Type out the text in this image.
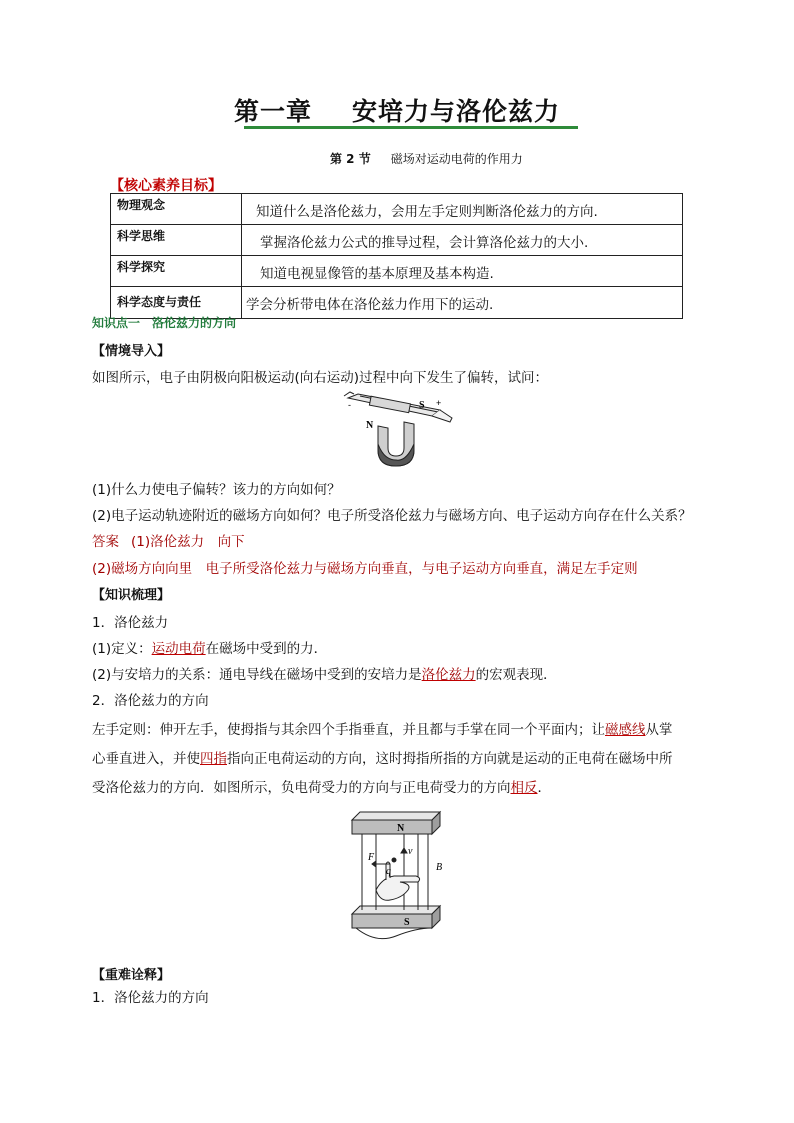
第一章 安培力与洛伦兹力
第 2 节 磁场对运动电荷的作用力
【核心素养目标】
物理观念	知道什么是洛伦兹力，会用左手定则判断洛伦兹力的方向.
科学思维	掌握洛伦兹力公式的推导过程，会计算洛伦兹力的大小.
科学探究	知道电视显像管的基本原理及基本构造.
科学态度与责任	学会分析带电体在洛伦兹力作用下的运动.
知识点一　洛伦兹力的方向
【情境导入】
如图所示，电子由阴极向阳极运动(向右运动)过程中向下发生了偏转，试问：
N
S
-	+
(1)什么力使电子偏转？该力的方向如何？
(2)电子运动轨迹附近的磁场方向如何？电子所受洛伦兹力与磁场方向、电子运动方向存在什么关系？
答案 (1)洛伦兹力　向下
(2)磁场方向向里　电子所受洛伦兹力与磁场方向垂直，与电子运动方向垂直，满足左手定则
【知识梳理】
1．洛伦兹力
(1)定义：运动电荷在磁场中受到的力．
(2)与安培力的关系：通电导线在磁场中受到的安培力是洛伦兹力的宏观表现．
2．洛伦兹力的方向
左手定则：伸开左手，使拇指与其余四个手指垂直，并且都与手掌在同一个平面内；让磁感线从掌
心垂直进入，并使四指指向正电荷运动的方向，这时拇指所指的方向就是运动的正电荷在磁场中所
受洛伦兹力的方向．如图所示，负电荷受力的方向与正电荷受力的方向相反．
N
S
F
v
q	B
【重难诠释】
1．洛伦兹力的方向
